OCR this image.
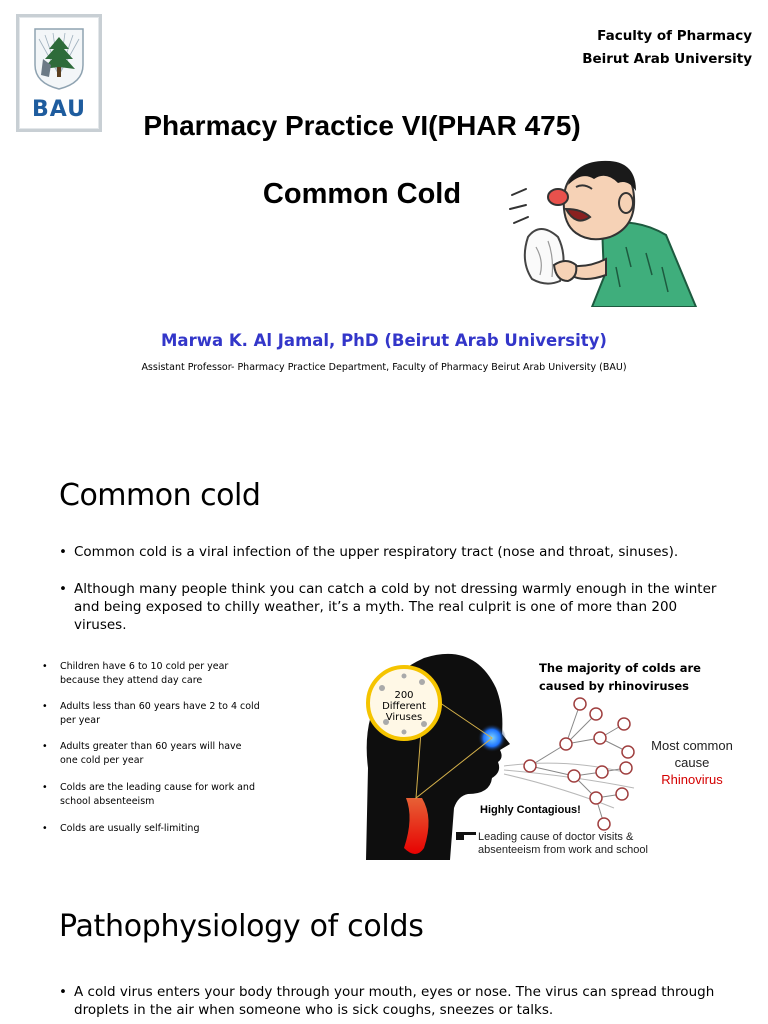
BAU
Faculty of Pharmacy
Beirut Arab University
Pharmacy Practice VI(PHAR 475)
Common Cold
Marwa K. Al Jamal, PhD (Beirut Arab University)
Assistant Professor- Pharmacy Practice Department, Faculty of Pharmacy Beirut Arab University (BAU)
Common cold
• Common cold is a viral infection of the upper respiratory tract (nose and throat, sinuses).
• Although many people think you can catch a cold by not dressing warmly enough in the winter and being exposed to chilly weather, it’s a myth. The real culprit is one of more than 200 viruses.
• Children have 6 to 10 cold per year because they attend day care
• Adults less than 60 years have 2 to 4 cold per year
• Adults greater than 60 years will have one cold per year
• Colds are the leading cause for work and school absenteeism
• Colds are usually self-limiting
200
Different
Viruses
The majority of colds are
caused by rhinoviruses
Most common
cause
Rhinovirus
Highly Contagious!
Leading cause of doctor visits &
absenteeism from work and school
Pathophysiology of colds
• A cold virus enters your body through your mouth, eyes or nose. The virus can spread through droplets in the air when someone who is sick coughs, sneezes or talks.
